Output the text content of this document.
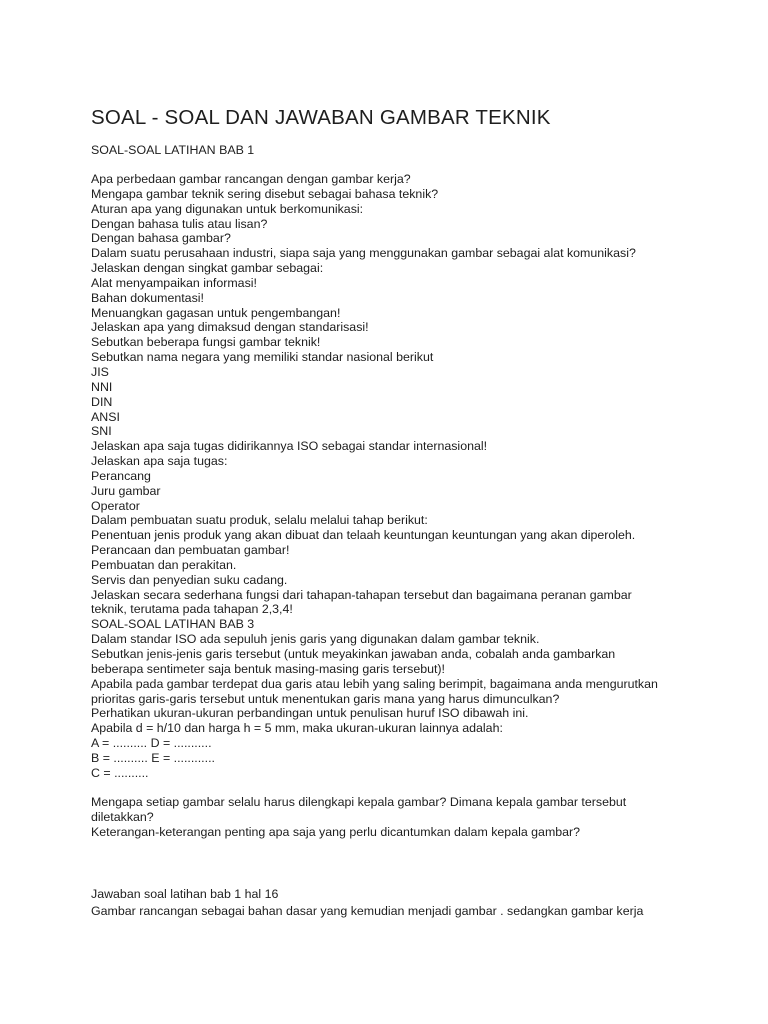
SOAL - SOAL DAN JAWABAN GAMBAR TEKNIK
SOAL-SOAL LATIHAN BAB 1
Apa perbedaan gambar rancangan dengan gambar kerja?
Mengapa gambar teknik sering disebut sebagai bahasa teknik?
Aturan apa yang digunakan untuk berkomunikasi:
Dengan bahasa tulis atau lisan?
Dengan bahasa gambar?
Dalam suatu perusahaan industri, siapa saja yang menggunakan gambar sebagai alat komunikasi?
Jelaskan dengan singkat gambar sebagai:
Alat menyampaikan informasi!
Bahan dokumentasi!
Menuangkan gagasan untuk pengembangan!
Jelaskan apa yang dimaksud dengan standarisasi!
Sebutkan beberapa fungsi gambar teknik!
Sebutkan nama negara yang memiliki standar nasional berikut
JIS
NNI
DIN
ANSI
SNI
Jelaskan apa saja tugas didirikannya ISO sebagai standar internasional!
Jelaskan apa saja tugas:
Perancang
Juru gambar
Operator
Dalam pembuatan suatu produk, selalu melalui tahap berikut:
Penentuan jenis produk yang akan dibuat dan telaah keuntungan keuntungan yang akan diperoleh.
Perancaan dan pembuatan gambar!
Pembuatan dan perakitan.
Servis dan penyedian suku cadang.
Jelaskan secara sederhana fungsi dari tahapan-tahapan tersebut dan bagaimana peranan gambar
teknik, terutama pada tahapan 2,3,4!
SOAL-SOAL LATIHAN BAB 3
Dalam standar ISO ada sepuluh jenis garis yang digunakan dalam gambar teknik.
Sebutkan jenis-jenis garis tersebut (untuk meyakinkan jawaban anda, cobalah anda gambarkan
beberapa sentimeter saja bentuk masing-masing garis tersebut)!
Apabila pada gambar terdepat dua garis atau lebih yang saling berimpit, bagaimana anda mengurutkan
prioritas garis-garis tersebut untuk menentukan garis mana yang harus dimunculkan?
Perhatikan ukuran-ukuran perbandingan untuk penulisan huruf ISO dibawah ini.
Apabila d = h/10 dan harga h = 5 mm, maka ukuran-ukuran lainnya adalah:
A = .......... D = ...........
B = .......... E = ............
C = ..........
Mengapa setiap gambar selalu harus dilengkapi kepala gambar? Dimana kepala gambar tersebut
diletakkan?
Keterangan-keterangan penting apa saja yang perlu dicantumkan dalam kepala gambar?
Jawaban soal latihan bab 1 hal 16
Gambar rancangan sebagai bahan dasar yang kemudian menjadi gambar . sedangkan gambar kerja
